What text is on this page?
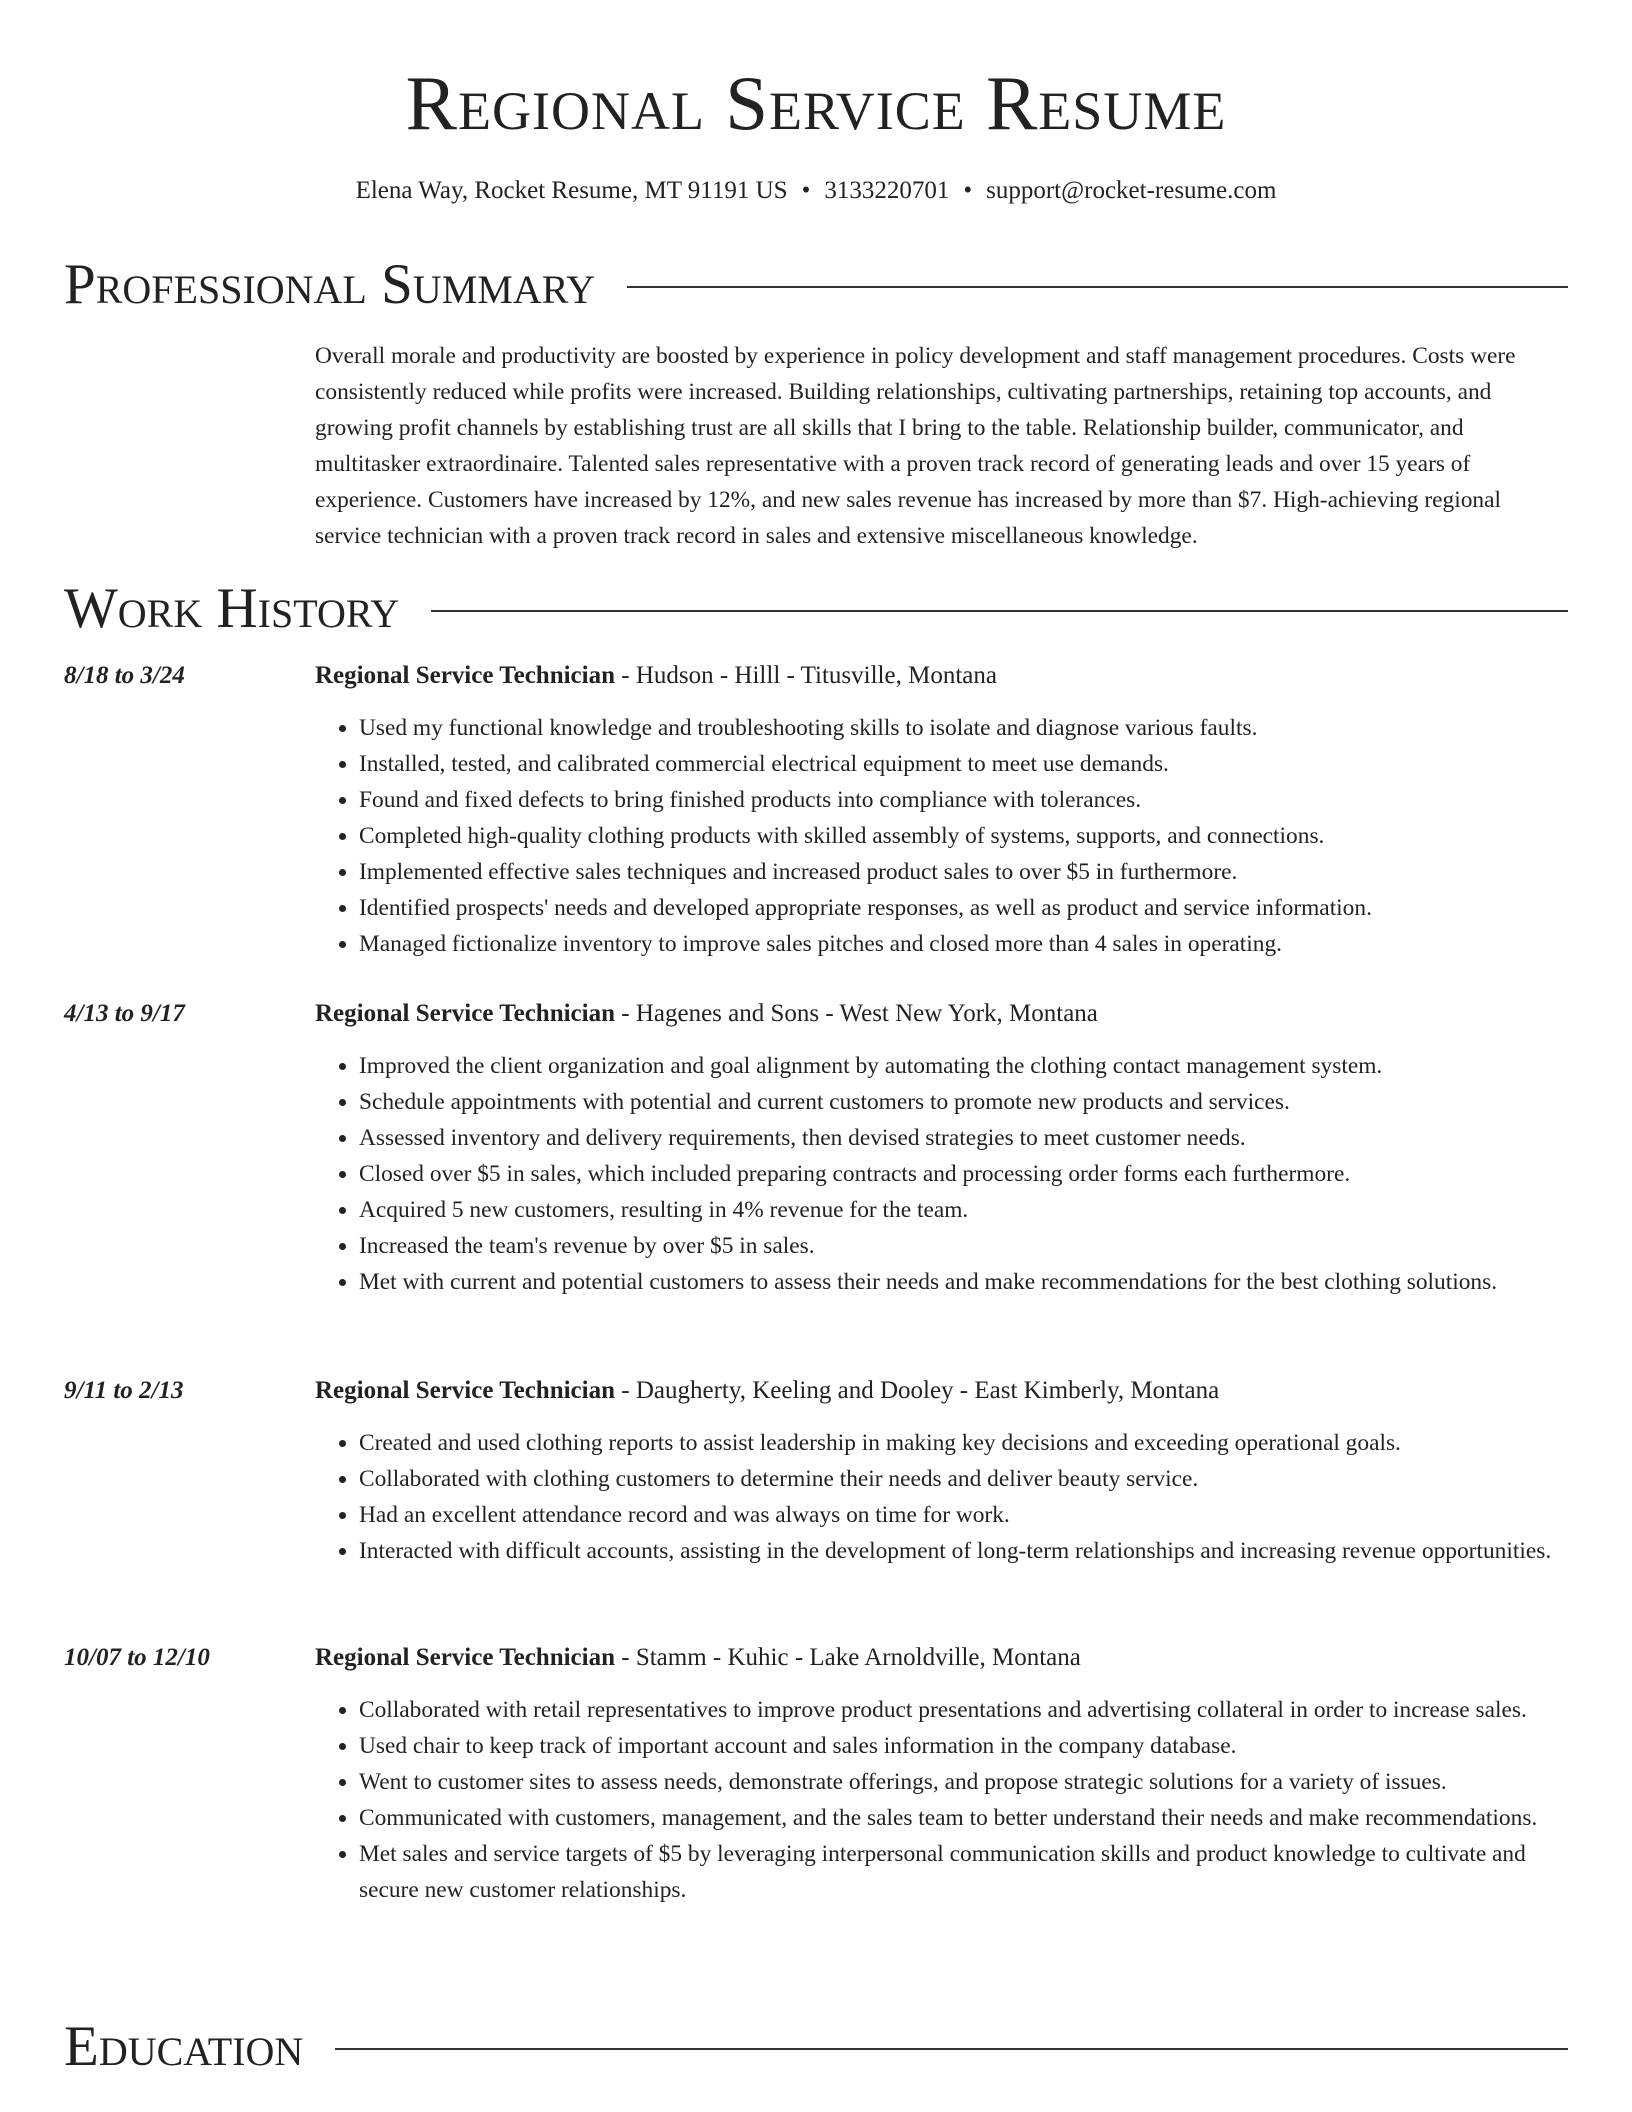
Regional Service Resume
Elena Way, Rocket Resume, MT 91191 US • 3133220701 • support@rocket-resume.com
Professional Summary

Overall morale and productivity are boosted by experience in policy development and staff management procedures. Costs were consistently reduced while profits were increased. Building relationships, cultivating partnerships, retaining top accounts, and growing profit channels by establishing trust are all skills that I bring to the table. Relationship builder, communicator, and multitasker extraordinaire. Talented sales representative with a proven track record of generating leads and over 15 years of experience. Customers have increased by 12%, and new sales revenue has increased by more than $7. High-achieving regional service technician with a proven track record in sales and extensive miscellaneous knowledge.

Work History
8/18 to 3/24	Regional Service Technician - Hudson - Hilll - Titusville, Montana
• Used my functional knowledge and troubleshooting skills to isolate and diagnose various faults.
• Installed, tested, and calibrated commercial electrical equipment to meet use demands.
• Found and fixed defects to bring finished products into compliance with tolerances.
• Completed high-quality clothing products with skilled assembly of systems, supports, and connections.
• Implemented effective sales techniques and increased product sales to over $5 in furthermore.
• Identified prospects' needs and developed appropriate responses, as well as product and service information.
• Managed fictionalize inventory to improve sales pitches and closed more than 4 sales in operating.
4/13 to 9/17	Regional Service Technician - Hagenes and Sons - West New York, Montana
• Improved the client organization and goal alignment by automating the clothing contact management system.
• Schedule appointments with potential and current customers to promote new products and services.
• Assessed inventory and delivery requirements, then devised strategies to meet customer needs.
• Closed over $5 in sales, which included preparing contracts and processing order forms each furthermore.
• Acquired 5 new customers, resulting in 4% revenue for the team.
• Increased the team's revenue by over $5 in sales.
• Met with current and potential customers to assess their needs and make recommendations for the best clothing solutions.
9/11 to 2/13	Regional Service Technician - Daugherty, Keeling and Dooley - East Kimberly, Montana
• Created and used clothing reports to assist leadership in making key decisions and exceeding operational goals.
• Collaborated with clothing customers to determine their needs and deliver beauty service.
• Had an excellent attendance record and was always on time for work.
• Interacted with difficult accounts, assisting in the development of long-term relationships and increasing revenue opportunities.
10/07 to 12/10	Regional Service Technician - Stamm - Kuhic - Lake Arnoldville, Montana
• Collaborated with retail representatives to improve product presentations and advertising collateral in order to increase sales.
• Used chair to keep track of important account and sales information in the company database.
• Went to customer sites to assess needs, demonstrate offerings, and propose strategic solutions for a variety of issues.
• Communicated with customers, management, and the sales team to better understand their needs and make recommendations.
• Met sales and service targets of $5 by leveraging interpersonal communication skills and product knowledge to cultivate and secure new customer relationships.
Education
